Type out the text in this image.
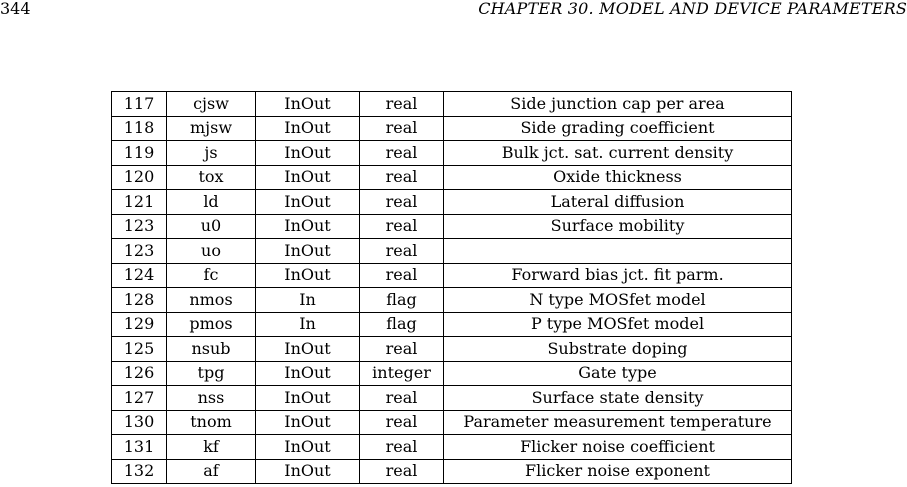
344	CHAPTER 30. MODEL AND DEVICE PARAMETERS
117	cjsw	InOut	real	Side junction cap per area
118	mjsw	InOut	real	Side grading coefficient
119	js	InOut	real	Bulk jct. sat. current density
120	tox	InOut	real	Oxide thickness
121	ld	InOut	real	Lateral diffusion
123	u0	InOut	real	Surface mobility
123	uo	InOut	real	
124	fc	InOut	real	Forward bias jct. fit parm.
128	nmos	In	flag	N type MOSfet model
129	pmos	In	flag	P type MOSfet model
125	nsub	InOut	real	Substrate doping
126	tpg	InOut	integer	Gate type
127	nss	InOut	real	Surface state density
130	tnom	InOut	real	Parameter measurement temperature
131	kf	InOut	real	Flicker noise coefficient
132	af	InOut	real	Flicker noise exponent
